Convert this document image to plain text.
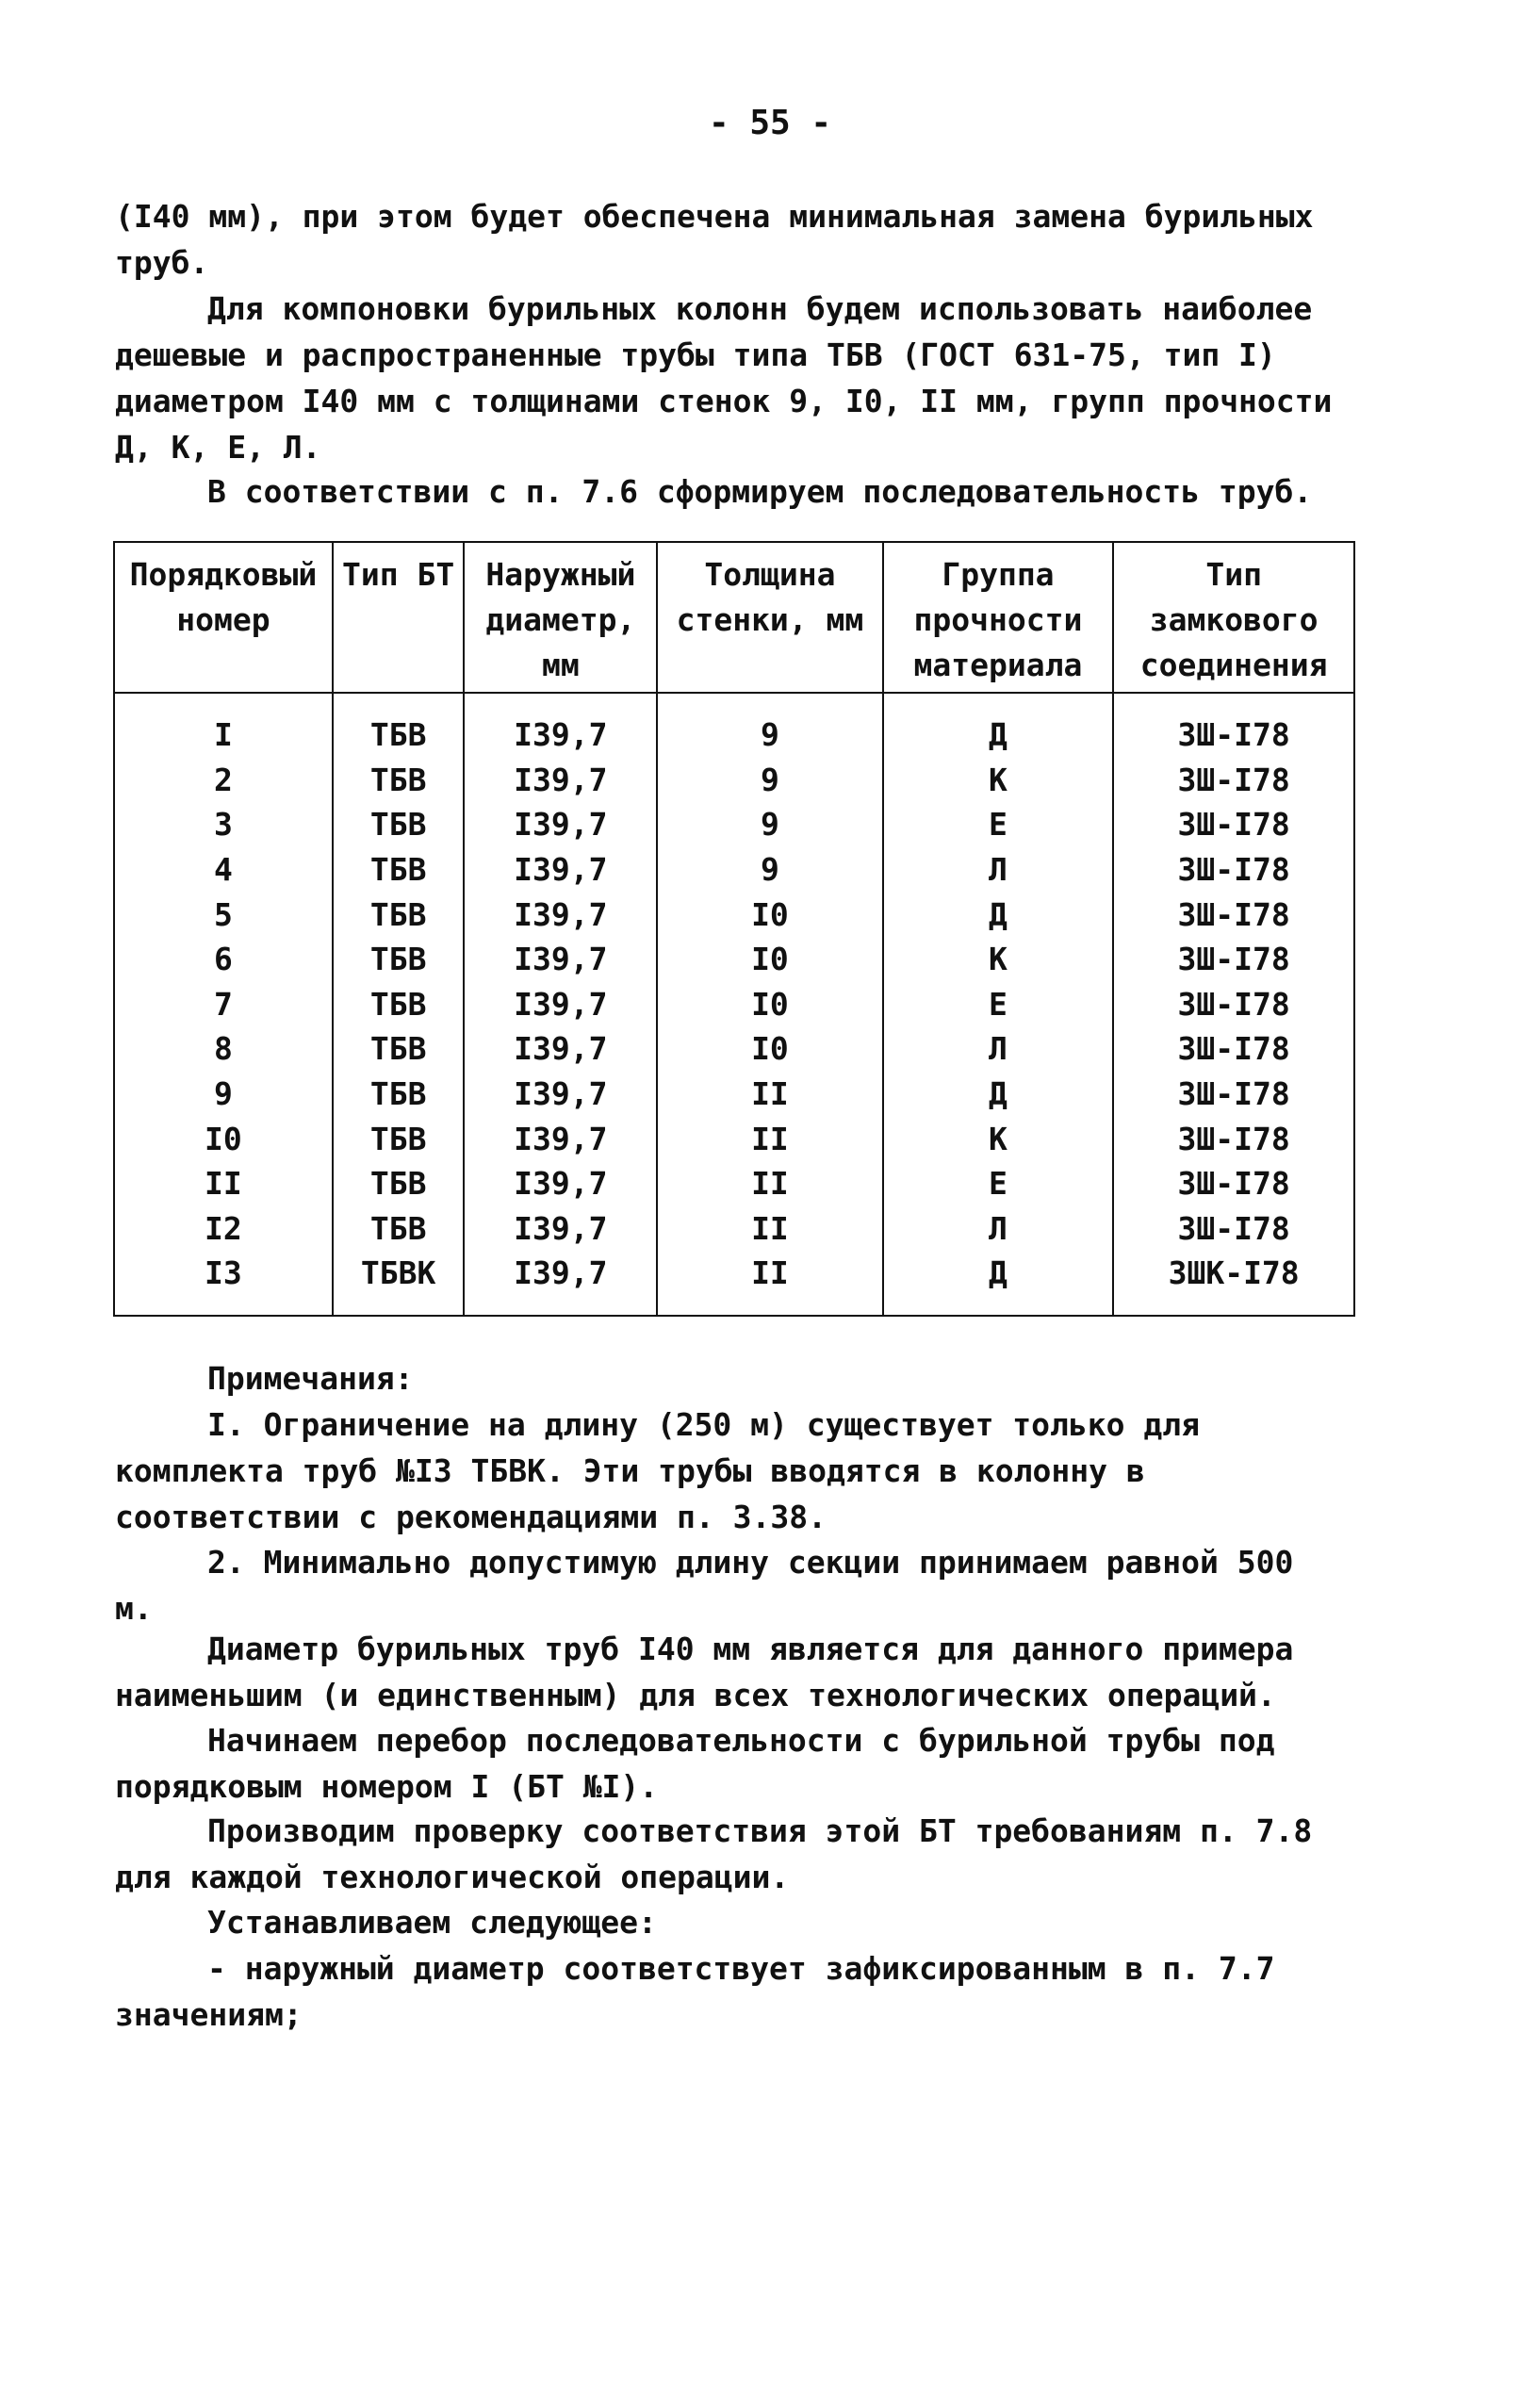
- 55 -

(I40 мм), при этом будет обеспечена минимальная замена бурильных труб.

Для компоновки бурильных колонн будем использовать наиболее дешевые и распространенные трубы типа ТБВ (ГОСТ 631-75, тип I) диаметром I40 мм с толщинами стенок 9, I0, II мм, групп прочности Д, К, Е, Л.

В соответствии с п. 7.6 сформируем последовательность труб.

Порядковый номер	Тип БТ	Наружный диаметр, мм	Толщина стенки, мм	Группа прочности материала	Тип замкового соединения
I	ТБВ	I39,7	9	Д	ЗШ-I78
2	ТБВ	I39,7	9	К	ЗШ-I78
3	ТБВ	I39,7	9	Е	ЗШ-I78
4	ТБВ	I39,7	9	Л	ЗШ-I78
5	ТБВ	I39,7	I0	Д	ЗШ-I78
6	ТБВ	I39,7	I0	К	ЗШ-I78
7	ТБВ	I39,7	I0	Е	ЗШ-I78
8	ТБВ	I39,7	I0	Л	ЗШ-I78
9	ТБВ	I39,7	II	Д	ЗШ-I78
I0	ТБВ	I39,7	II	К	ЗШ-I78
II	ТБВ	I39,7	II	Е	ЗШ-I78
I2	ТБВ	I39,7	II	Л	ЗШ-I78
I3	ТБВК	I39,7	II	Д	ЗШК-I78
Примечания:

I. Ограничение на длину (250 м) существует только для комплекта труб №I3 ТБВК. Эти трубы вводятся в колонну в соответствии с рекомендациями п. 3.38.

2. Минимально допустимую длину секции принимаем равной 500 м.

Диаметр бурильных труб I40 мм является для данного примера наименьшим (и единственным) для всех технологических операций.

Начинаем перебор последовательности с бурильной трубы под порядковым номером I (БТ №I).

Производим проверку соответствия этой БТ требованиям п. 7.8 для каждой технологической операции.

Устанавливаем следующее:

- наружный диаметр соответствует зафиксированным в п. 7.7 значениям;
